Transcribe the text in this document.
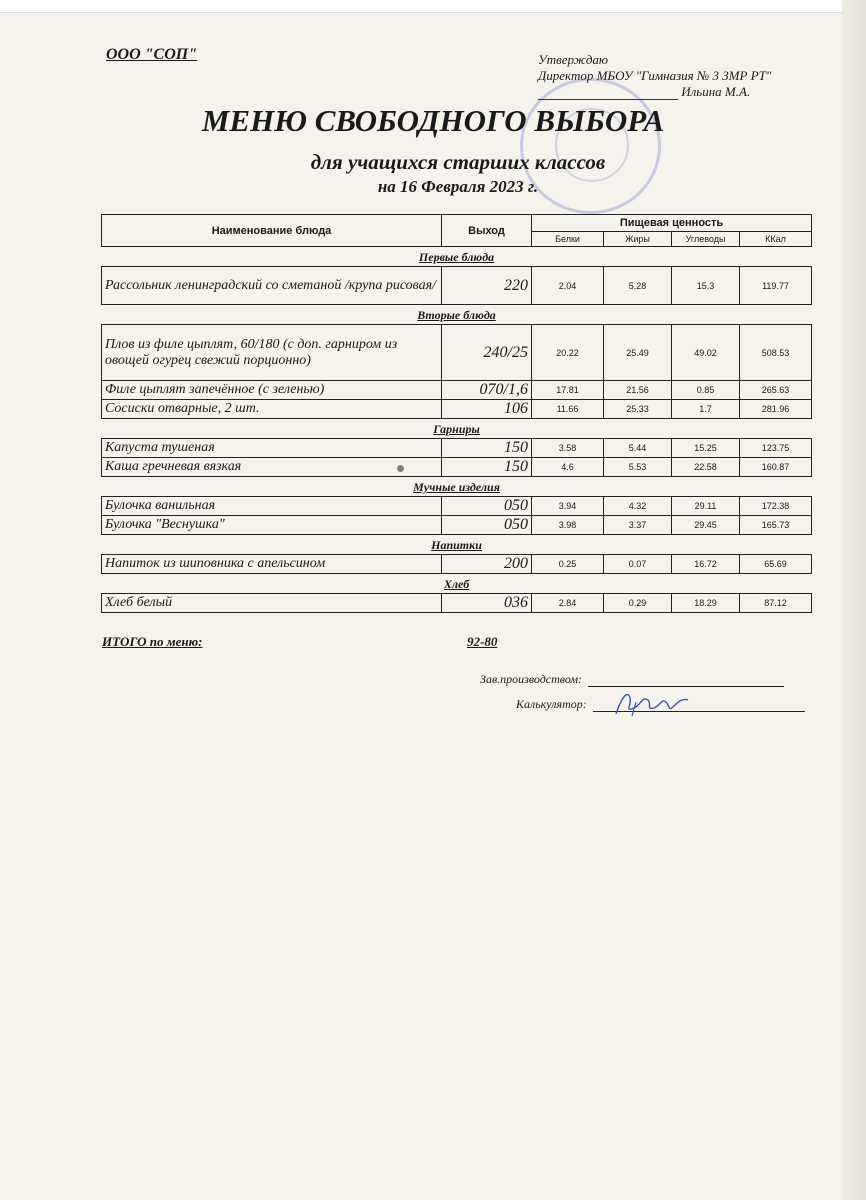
ООО "СОП"	Утверждаю
Директор МБОУ "Гимназия № 3 ЗМР РТ"
Ильина М.А.
МЕНЮ СВОБОДНОГО ВЫБОРА
для учащихся старших классов
на 16 Февраля 2023 г.
Наименование блюда	Выход	Пищевая ценность			
		Белки	Жиры	Углеводы	ККал
Первые блюда					
Рассольник ленинградский со сметаной /крупа рисовая/	220	2.04	5.28	15.3	119.77
Вторые блюда					
Плов из филе цыплят, 60/180 (с доп. гарниром из овощей огурец свежий порционно)	240/25	20.22	25.49	49.02	508.53
Филе цыплят запечённое (с зеленью)	070/1,6	17.81	21.56	0.85	265.63
Сосиски отварные, 2 шт.	106	11.66	25.33	1.7	281.96
Гарниры					
Капуста тушеная	150	3.58	5.44	15.25	123.75
Каша гречневая вязкая	150	4.6	5.53	22.58	160.87
Мучные изделия					
Булочка ванильная	050	3.94	4.32	29.11	172.38
Булочка "Веснушка"	050	3.98	3.37	29.45	165.73
Напитки					
Напиток из шиповника с апельсином	200	0.25	0.07	16.72	65.69
Хлеб					
Хлеб белый	036	2.84	0.29	18.29	87.12
ИТОГО по меню:	92-80
Зав.производством:
Калькулятор:
